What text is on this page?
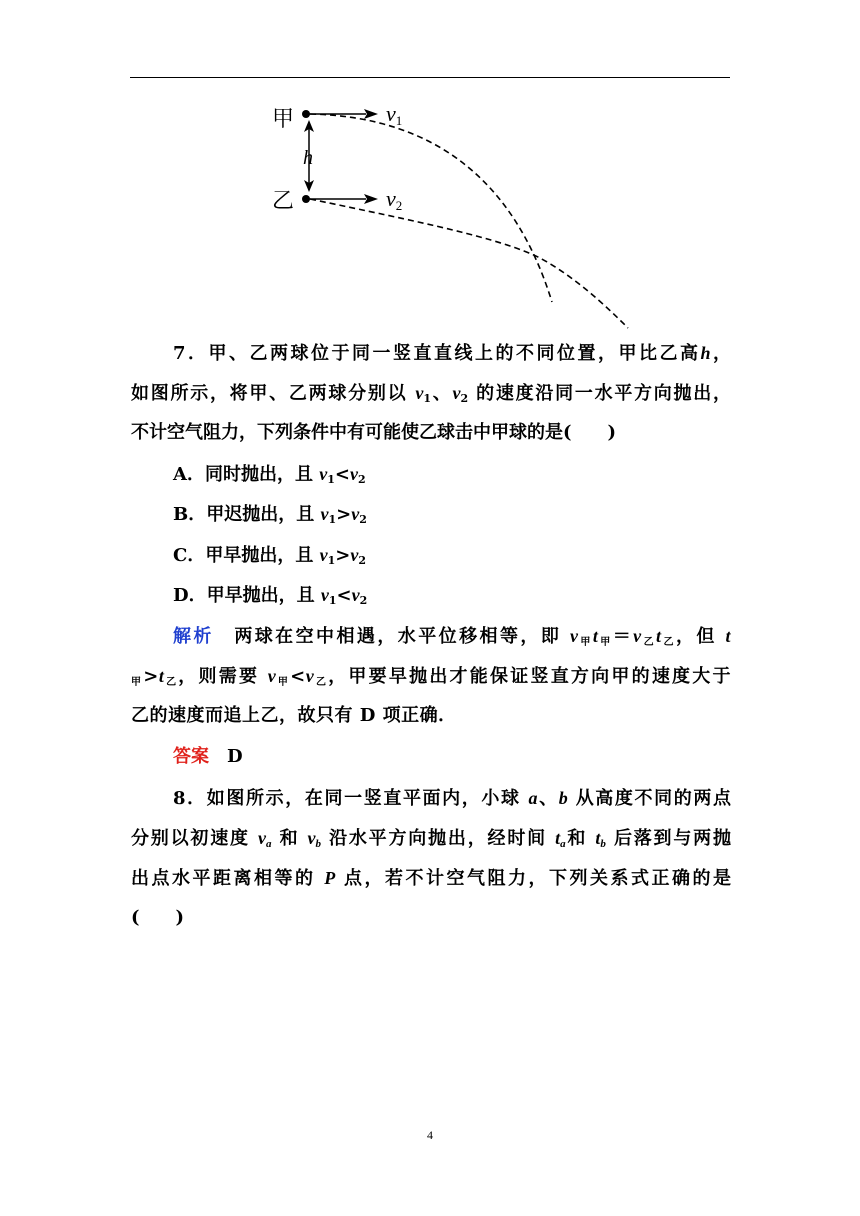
甲
乙
h
v1
v2
7．甲、乙两球位于同一竖直直线上的不同位置，甲比乙高h，
如图所示，将甲、乙两球分别以 $v_1$、$v_2$ 的速度沿同一水平方向抛出，
不计空气阻力，下列条件中有可能使乙球击中甲球的是(　　)
A．同时抛出，且 $v_1<v_2$
B．甲迟抛出，且 $v_1>v_2$
C．甲早抛出，且 $v_1>v_2$
D．甲早抛出，且 $v_1<v_2$
解析　 两球在空中相遇，水平位移相等，即 v甲t甲＝v乙t乙，但 t
甲>t乙，则需要 v甲<v乙，甲要早抛出才能保证竖直方向甲的速度大于
乙的速度而追上乙，故只有 D 项正确．
答案　 D
8．如图所示，在同一竖直平面内，小球 a、b 从高度不同的两点
分别以初速度 $v_a$ 和 $v_b$ 沿水平方向抛出，经时间 $t_a$和 $t_b$ 后落到与两抛
出点水平距离相等的 P 点，若不计空气阻力，下列关系式正确的是
(　　)
4
